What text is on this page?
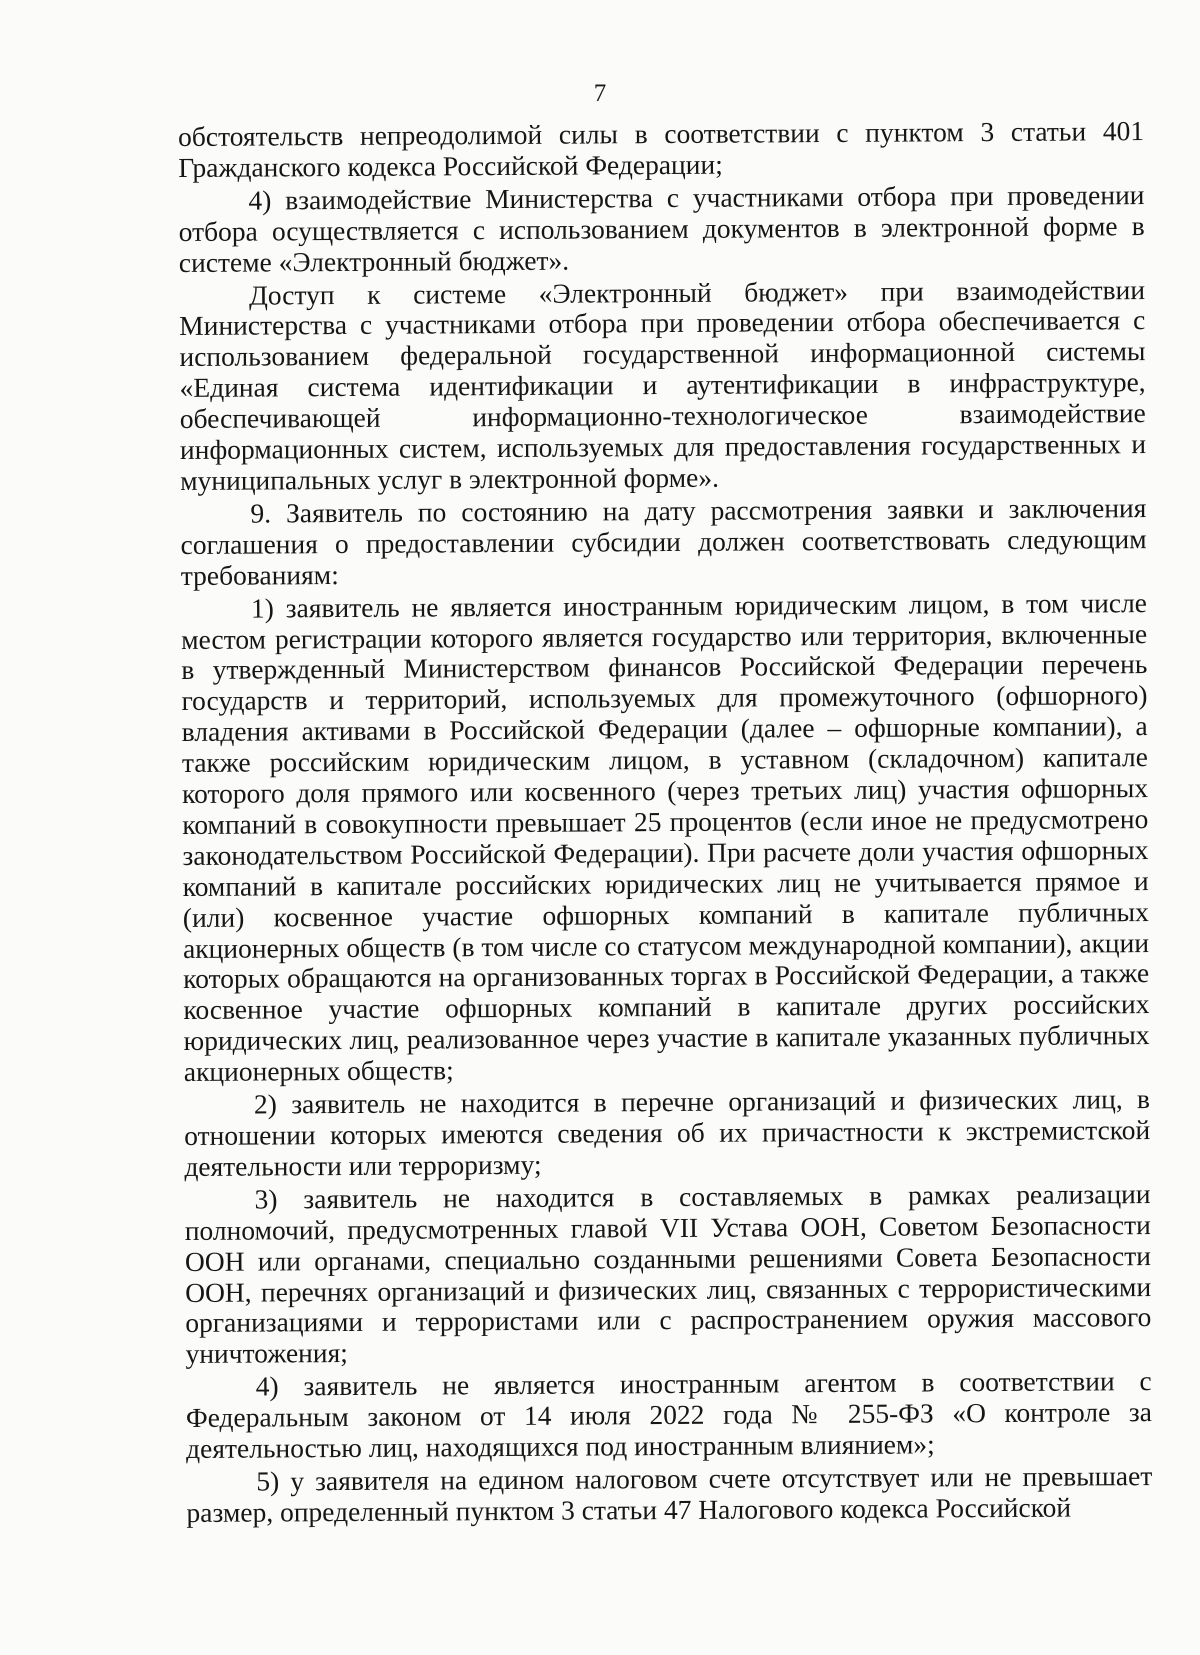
7

обстоятельств непреодолимой силы в соответствии с пунктом 3 статьи 401 Гражданского кодекса Российской Федерации;

4) взаимодействие Министерства с участниками отбора при проведении отбора осуществляется с использованием документов в электронной форме в системе «Электронный бюджет».

Доступ к системе «Электронный бюджет» при взаимодействии Министерства с участниками отбора при проведении отбора обеспечивается с использованием федеральной государственной информационной системы «Единая система идентификации и аутентификации в инфраструктуре, обеспечивающей информационно-технологическое взаимодействие информационных систем, используемых для предоставления государственных и муниципальных услуг в электронной форме».

9. Заявитель по состоянию на дату рассмотрения заявки и заключения соглашения о предоставлении субсидии должен соответствовать следующим требованиям:

1) заявитель не является иностранным юридическим лицом, в том числе местом регистрации которого является государство или территория, включенные в утвержденный Министерством финансов Российской Федерации перечень государств и территорий, используемых для промежуточного (офшорного) владения активами в Российской Федерации (далее – офшорные компании), а также российским юридическим лицом, в уставном (складочном) капитале которого доля прямого или косвенного (через третьих лиц) участия офшорных компаний в совокупности превышает 25 процентов (если иное не предусмотрено законодательством Российской Федерации). При расчете доли участия офшорных компаний в капитале российских юридических лиц не учитывается прямое и (или) косвенное участие офшорных компаний в капитале публичных акционерных обществ (в том числе со статусом международной компании), акции которых обращаются на организованных торгах в Российской Федерации, а также косвенное участие офшорных компаний в капитале других российских юридических лиц, реализованное через участие в капитале указанных публичных акционерных обществ;

2) заявитель не находится в перечне организаций и физических лиц, в отношении которых имеются сведения об их причастности к экстремистской деятельности или терроризму;

3) заявитель не находится в составляемых в рамках реализации полномочий, предусмотренных главой VII Устава ООН, Советом Безопасности ООН или органами, специально созданными решениями Совета Безопасности ООН, перечнях организаций и физических лиц, связанных с террористическими организациями и террористами или с распространением оружия массового уничтожения;

4) заявитель не является иностранным агентом в соответствии с Федеральным законом от 14 июля 2022 года № 255-ФЗ «О контроле за деятельностью лиц, находящихся под иностранным влиянием»;

5) у заявителя на едином налоговом счете отсутствует или не превышает размер, определенный пунктом 3 статьи 47 Налогового кодекса Российской
